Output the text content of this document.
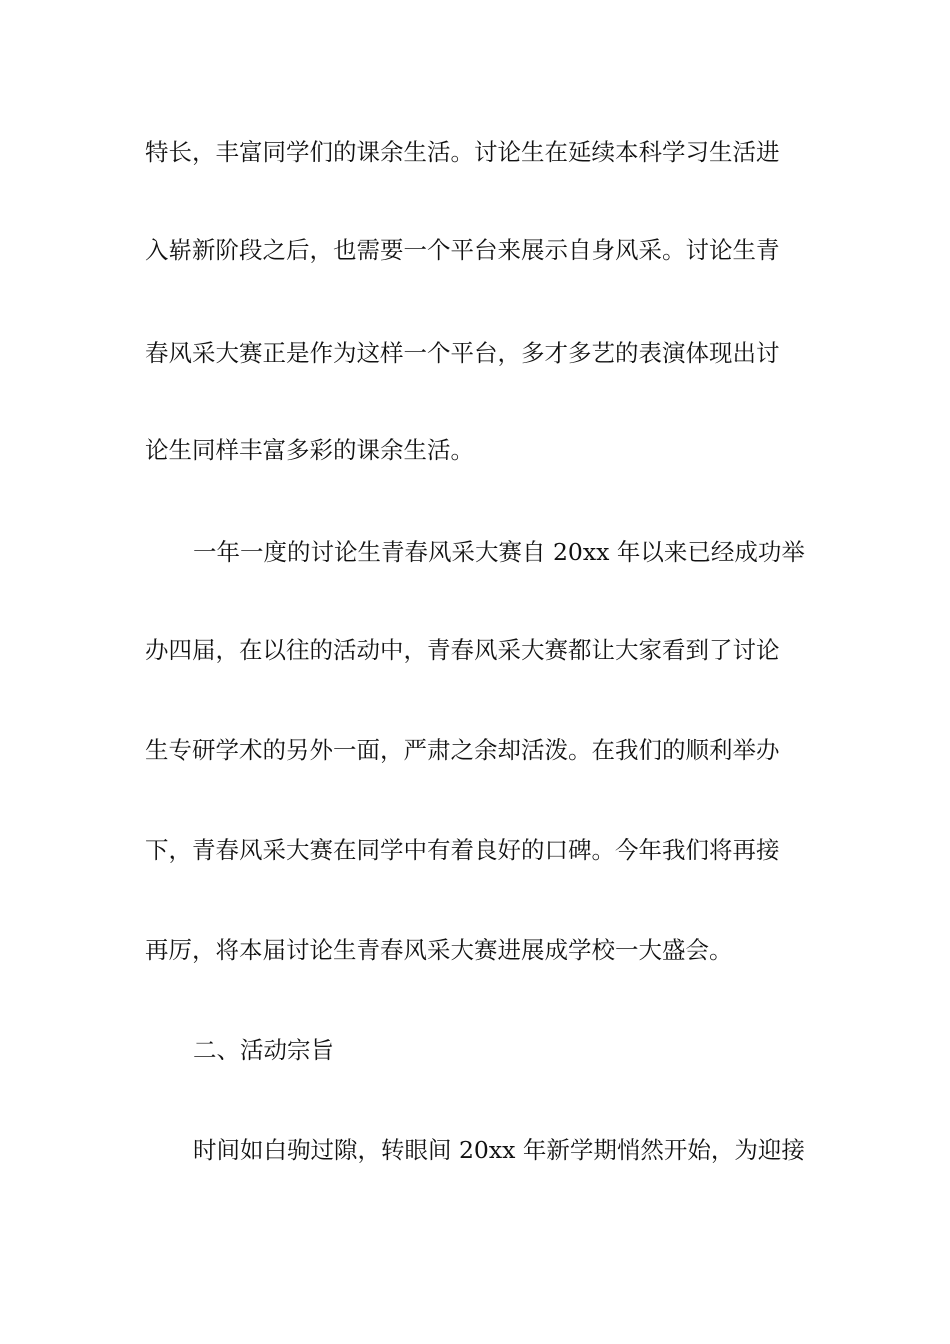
特长，丰富同学们的课余生活。讨论生在延续本科学习生活进
入崭新阶段之后，也需要一个平台来展示自身风采。讨论生青
春风采大赛正是作为这样一个平台，多才多艺的表演体现出讨
论生同样丰富多彩的课余生活。
一年一度的讨论生青春风采大赛自 20xx 年以来已经成功举
办四届，在以往的活动中，青春风采大赛都让大家看到了讨论
生专研学术的另外一面，严肃之余却活泼。在我们的顺利举办
下，青春风采大赛在同学中有着良好的口碑。今年我们将再接
再厉，将本届讨论生青春风采大赛进展成学校一大盛会。
二、活动宗旨
时间如白驹过隙，转眼间 20xx 年新学期悄然开始，为迎接
